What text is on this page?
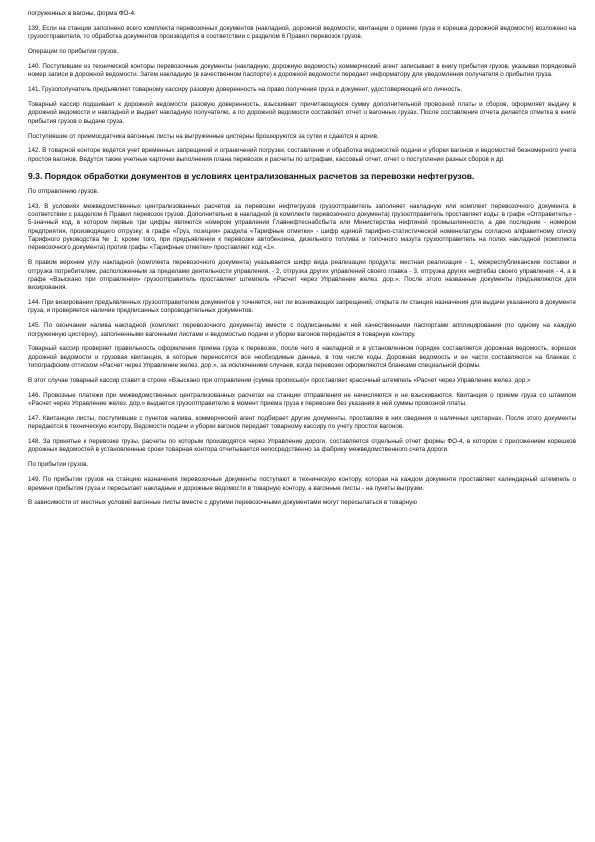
погруженных в вагоны, форма ФО-4.

139. Если на станции заполнено всего комплекта перевозочных документов (накладной, дорожной ведомости, квитанции о приеме груза и корешка дорожной ведомости) возложено на грузоотправителя, то обработка документов производится в соответствии с разделом 6 Правил перевозок грузов.

Операции по прибытии грузов.

140. Поступившие из технической конторы перевозочные документы (накладную, дорожную ведомость) коммерческий агент записывает в книгу прибытия грузов, указывая порядковый номер записи в дорожной ведомости. Затем накладную (в качественном паспорте) к дорожной ведомости передает информатору для уведомления получателя о прибытии груза.

141. Грузополучатель предъявляет товарному кассиру разовую доверенность на право получения груза и документ, удостоверяющий его личность.

Товарный кассир подшивает к дорожной ведомости разовую доверенность, взыскивает причитающуюся сумму дополнительной провозной платы и сборов, оформляет выдачу в дорожной ведомости и накладной и выдает накладную получателю, а по дорожной ведомости составляет отчет о вагонных грузах. После составления отчета делается отметка в книге прибытия грузов о выдаче груза.

Поступившие от приемосдатчика вагонные листы на выгруженные цистерны брошюруются за сутки и сдаются в архив.

142. В товарной конторе ведется учет временных запрещений и ограничений погрузки, составление и обработка ведомостей подачи и уборки вагонов и ведомостей безномерного учета простоя вагонов. Ведутся также учетные карточки выполнения плана перевозок и расчеты по штрафам, кассовый отчет, отчет о поступлении разных сборов и др.

9.3. Порядок обработки документов в условиях централизованных расчетов за перевозки нефтегрузов.

По отправлению грузов.

143. В условиях межведомственных централизованных расчетов за перевозки нефтегрузов грузоотправитель заполняет накладную или комплект перевозочного документа в соответствии с разделом 6 Правил перевозок грузов. Дополнительно в накладной (в комплекте перевозочного документа) грузоотправитель проставляет коды: в графе «Отправитель» - 5-значный код, в котором первые три цифры являются номером управления Главнефтеснабсбыта или Министерства нефтяной промышленности, а две последние - номером предприятия, производящего отгрузку; в графе «Груз, позиция» раздела «Тарифные отметки» - шифр единой тарифно-статистической номенклатуры согласно алфавитному списку Тарифного руководства № 1; кроме того, при предъявлении к перевозке автобензина, дизельного топлива и топочного мазута грузоотправитель на полях накладной (комплекта перевозочного документа) против графы «Тарифные отметки» проставляет код «1».

В правом верхнем углу накладной (комплекта перевозочного документа) указывается шифр вида реализации продукта: местная реализация - 1, межреспубликанские поставки и отгрузка потребителям, расположенным за пределами деятельности управления, - 2, отгрузка других управлений своего главка - 3, отгрузка других нефтебаз своего управления - 4, а в графе «Взыскано при отправлении» грузоотправитель проставляет штемпель «Расчет через Управление желез. дор.». После этого названные документы предъявляются для визирования.

144. При визировании предъявленных грузоотправителем документов у точняется, нет ли возникающих запрещений, открыта ли станция назначения для выдачи указанного в документе груза, и проверяется наличие предписанных сопроводительных документов.

145. По окончании налива накладной (комплект перевозочного документа) вместе с подписанными к ней качественными паспортами апплицирования (по одному на каждую погруженную цистерну), заполненными вагонными листами и ведомостью подачи и уборки вагонов передается в товарную контору.

Товарный кассир проверяет правильность оформления приема груза к перевозке, после чего в накладной и в установленном порядке составляется дорожная ведомость, корешок дорожной ведомости и грузовая квитанция, в которые переносятся все необходимые данные, в том числе коды. Дорожная ведомость и ее части составляются на бланках с типографским оттиском «Расчет через Управление желез. дор.», за исключением случаев, когда перевозки оформляются бланками специальной формы.

В этот случае товарный кассир ставит в строке «Взыскано при отправлении (сумма прописью)» проставляет красочный штемпель «Расчет через Управление желез. дор.»

146. Провозные платежи при межведомственных централизованных расчетах на станции отправления не начисляются и не взыскиваются. Квитанция о приеме груза со штампом «Расчет через Управление желез. дор.» выдается грузоотправителю в момент приема груза к перевозке без указания в ней суммы провозной платы.

147. Квитанции листы, поступившие с пунктов налива, коммерческий агент подбирает другие документы, проставляя в них сведения о наличных цистернах. После этого документы передаются в техническую контору. Ведомости подачи и уборки вагонов передает товарному кассиру по учету простоя вагонов.

148. За принятые к перевозке грузы, расчеты по которым производятся через Управление дороги, составляется отдельный отчет формы ФО-4, в котором с приложением корешков дорожных ведомостей в установленные сроки товарная контора отчитывается непосредственно за фабрику межведомственного счета дороги.

По прибытии грузов.

149. По прибытии грузов на станцию назначения перевозочные документы поступают в техническую контору, которая на каждом документе проставляет календарный штемпель о времени прибытия груза и пересылает накладные и дорожные ведомости в товарную контору, а вагонные листы - на пункты выгрузки.

В зависимости от местных условий вагонные листы вместе с другими перевозочными документами могут пересылаться в товарную
